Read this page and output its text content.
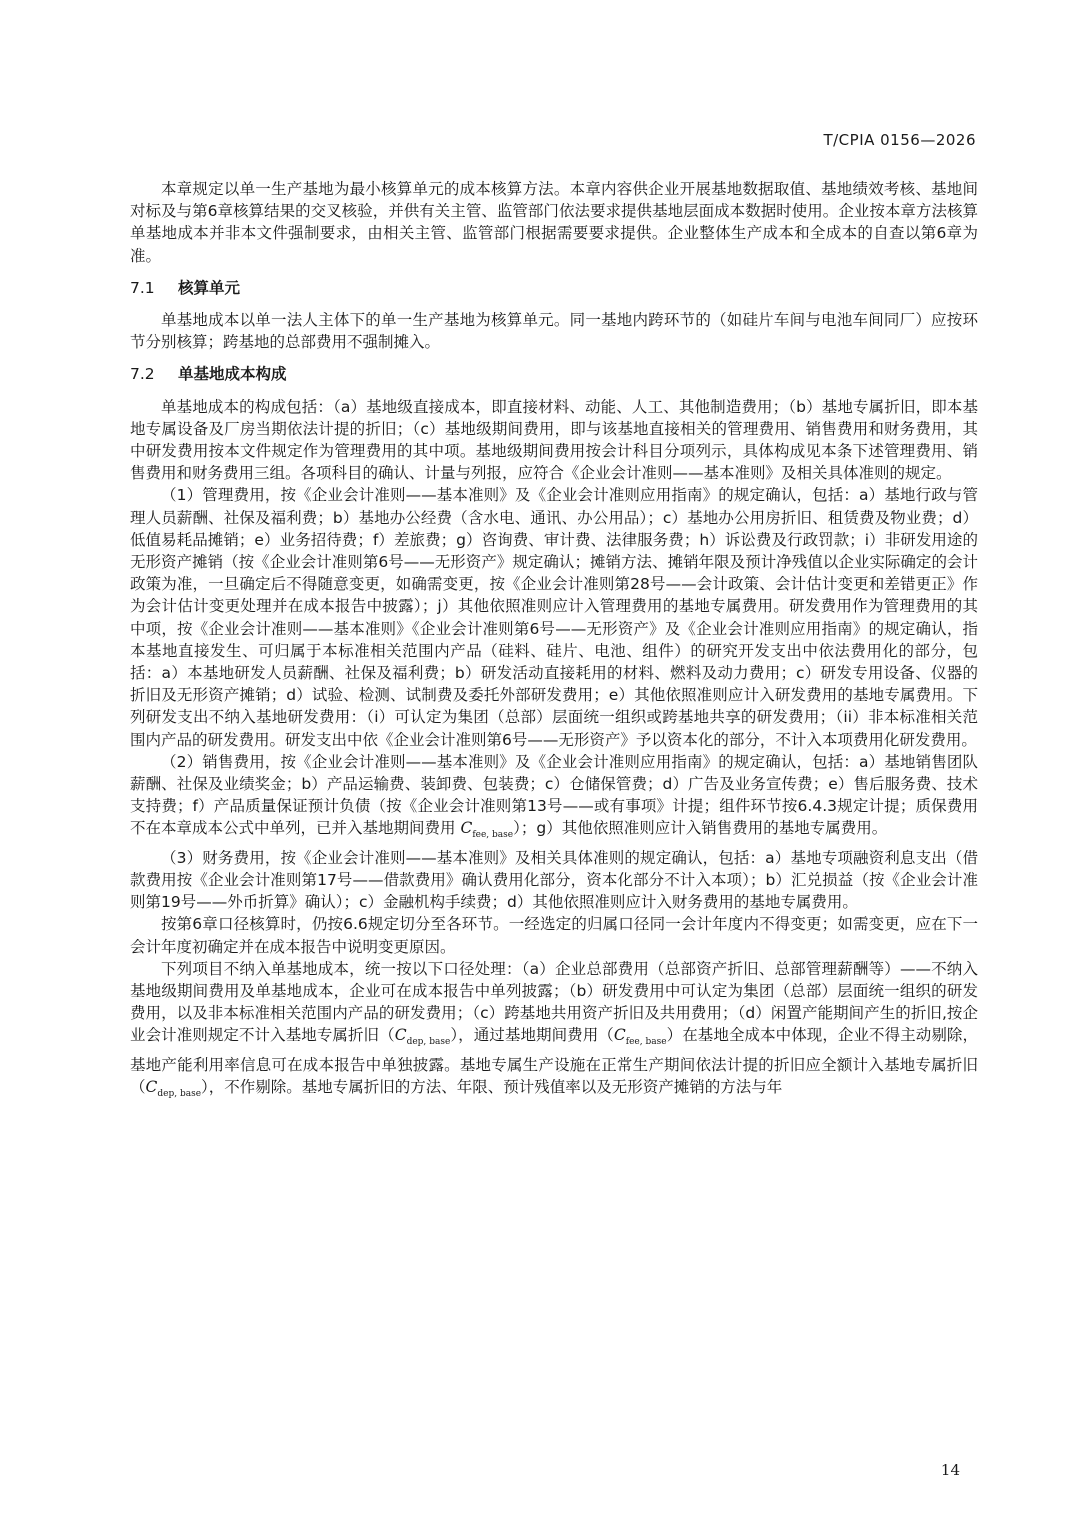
T/CPIA 0156—2026

本章规定以单一生产基地为最小核算单元的成本核算方法。本章内容供企业开展基地数据取值、基地绩效考核、基地间对标及与第6章核算结果的交叉核验，并供有关主管、监管部门依法要求提供基地层面成本数据时使用。企业按本章方法核算单基地成本并非本文件强制要求，由相关主管、监管部门根据需要要求提供。企业整体生产成本和全成本的自查以第6章为准。

7.1 核算单元

单基地成本以单一法人主体下的单一生产基地为核算单元。同一基地内跨环节的（如硅片车间与电池车间同厂）应按环节分别核算；跨基地的总部费用不强制摊入。

7.2 单基地成本构成

单基地成本的构成包括：（a）基地级直接成本，即直接材料、动能、人工、其他制造费用；（b）基地专属折旧，即本基地专属设备及厂房当期依法计提的折旧；（c）基地级期间费用，即与该基地直接相关的管理费用、销售费用和财务费用，其中研发费用按本文件规定作为管理费用的其中项。基地级期间费用按会计科目分项列示，具体构成见本条下述管理费用、销售费用和财务费用三组。各项科目的确认、计量与列报，应符合《企业会计准则——基本准则》及相关具体准则的规定。

（1）管理费用，按《企业会计准则——基本准则》及《企业会计准则应用指南》的规定确认，包括：a）基地行政与管理人员薪酬、社保及福利费；b）基地办公经费（含水电、通讯、办公用品）；c）基地办公用房折旧、租赁费及物业费；d）低值易耗品摊销；e）业务招待费；f）差旅费；g）咨询费、审计费、法律服务费；h）诉讼费及行政罚款；i）非研发用途的无形资产摊销（按《企业会计准则第6号——无形资产》规定确认；摊销方法、摊销年限及预计净残值以企业实际确定的会计政策为准，一旦确定后不得随意变更，如确需变更，按《企业会计准则第28号——会计政策、会计估计变更和差错更正》作为会计估计变更处理并在成本报告中披露）；j）其他依照准则应计入管理费用的基地专属费用。研发费用作为管理费用的其中项，按《企业会计准则——基本准则》《企业会计准则第6号——无形资产》及《企业会计准则应用指南》的规定确认，指本基地直接发生、可归属于本标准相关范围内产品（硅料、硅片、电池、组件）的研究开发支出中依法费用化的部分，包括：a）本基地研发人员薪酬、社保及福利费；b）研发活动直接耗用的材料、燃料及动力费用；c）研发专用设备、仪器的折旧及无形资产摊销；d）试验、检测、试制费及委托外部研发费用；e）其他依照准则应计入研发费用的基地专属费用。下列研发支出不纳入基地研发费用：（i）可认定为集团（总部）层面统一组织或跨基地共享的研发费用；（ii）非本标准相关范围内产品的研发费用。研发支出中依《企业会计准则第6号——无形资产》予以资本化的部分，不计入本项费用化研发费用。

（2）销售费用，按《企业会计准则——基本准则》及《企业会计准则应用指南》的规定确认，包括：a）基地销售团队薪酬、社保及业绩奖金；b）产品运输费、装卸费、包装费；c）仓储保管费；d）广告及业务宣传费；e）售后服务费、技术支持费；f）产品质量保证预计负债（按《企业会计准则第13号——或有事项》计提；组件环节按6.4.3规定计提；质保费用不在本章成本公式中单列，已并入基地期间费用 $C_{fee, base}$）；g）其他依照准则应计入销售费用的基地专属费用。

（3）财务费用，按《企业会计准则——基本准则》及相关具体准则的规定确认，包括：a）基地专项融资利息支出（借款费用按《企业会计准则第17号——借款费用》确认费用化部分，资本化部分不计入本项）；b）汇兑损益（按《企业会计准则第19号——外币折算》确认）；c）金融机构手续费；d）其他依照准则应计入财务费用的基地专属费用。

按第6章口径核算时，仍按6.6规定切分至各环节。一经选定的归属口径同一会计年度内不得变更；如需变更，应在下一会计年度初确定并在成本报告中说明变更原因。

下列项目不纳入单基地成本，统一按以下口径处理：（a）企业总部费用（总部资产折旧、总部管理薪酬等）——不纳入基地级期间费用及单基地成本，企业可在成本报告中单列披露；（b）研发费用中可认定为集团（总部）层面统一组织的研发费用，以及非本标准相关范围内产品的研发费用；（c）跨基地共用资产折旧及共用费用；（d）闲置产能期间产生的折旧,按企业会计准则规定不计入基地专属折旧$(C_{dep, base})$，通过基地期间费用$(C_{fee, base})$在基地全成本中体现，企业不得主动剔除，基地产能利用率信息可在成本报告中单独披露。基地专属生产设施在正常生产期间依法计提的折旧应全额计入基地专属折旧$(C_{dep, base})$，不作剔除。基地专属折旧的方法、年限、预计残值率以及无形资产摊销的方法与年

14
